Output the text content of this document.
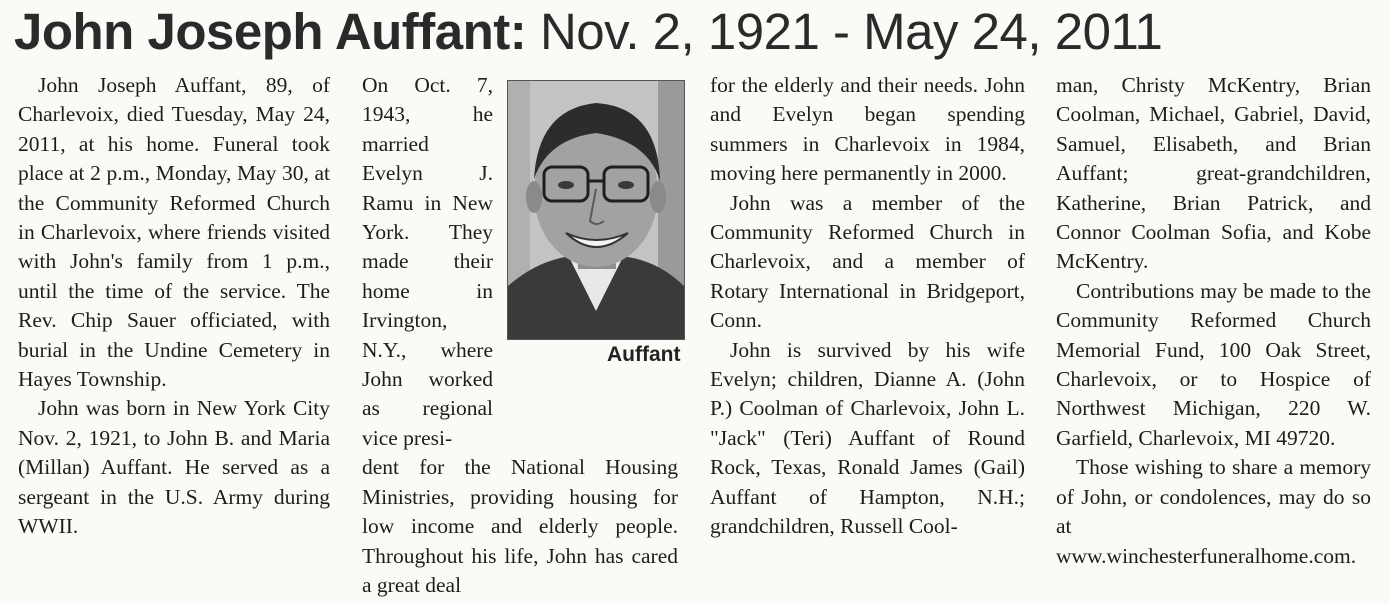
John Joseph Auffant: Nov. 2, 1921 - May 24, 2011

John Joseph Auffant, 89, of Charlevoix, died Tuesday, May 24, 2011, at his home. Funeral took place at 2 p.m., Monday, May 30, at the Community Reformed Church in Charlevoix, where friends visited with John's family from 1 p.m., until the time of the service. The Rev. Chip Sauer officiated, with burial in the Undine Cemetery in Hayes Township.

John was born in New York City Nov. 2, 1921, to John B. and Maria (Millan) Auffant. He served as a sergeant in the U.S. Army during WWII.

On Oct. 7, 1943, he married Evelyn J. Ramu in New York. They made their home in Irvington, N.Y., where John worked as regional vice presi-

dent for the National Housing Ministries, providing housing for low income and elderly people. Throughout his life, John has cared a great deal

Auffant

for the elderly and their needs. John and Evelyn began spending summers in Charlevoix in 1984, moving here permanently in 2000.

John was a member of the Community Reformed Church in Charlevoix, and a member of Rotary International in Bridgeport, Conn.

John is survived by his wife Evelyn; children, Dianne A. (John P.) Coolman of Charlevoix, John L. "Jack" (Teri) Auffant of Round Rock, Texas, Ronald James (Gail) Auffant of Hampton, N.H.; grandchildren, Russell Cool-

man, Christy McKentry, Brian Coolman, Michael, Gabriel, David, Samuel, Elisabeth, and Brian Auffant; great-grandchildren, Katherine, Brian Patrick, and Connor Coolman Sofia, and Kobe McKentry.

Contributions may be made to the Community Reformed Church Memorial Fund, 100 Oak Street, Charlevoix, or to Hospice of Northwest Michigan, 220 W. Garfield, Charlevoix, MI 49720.

Those wishing to share a memory of John, or condolences, may do so at www.winchesterfuneralhome.com.
